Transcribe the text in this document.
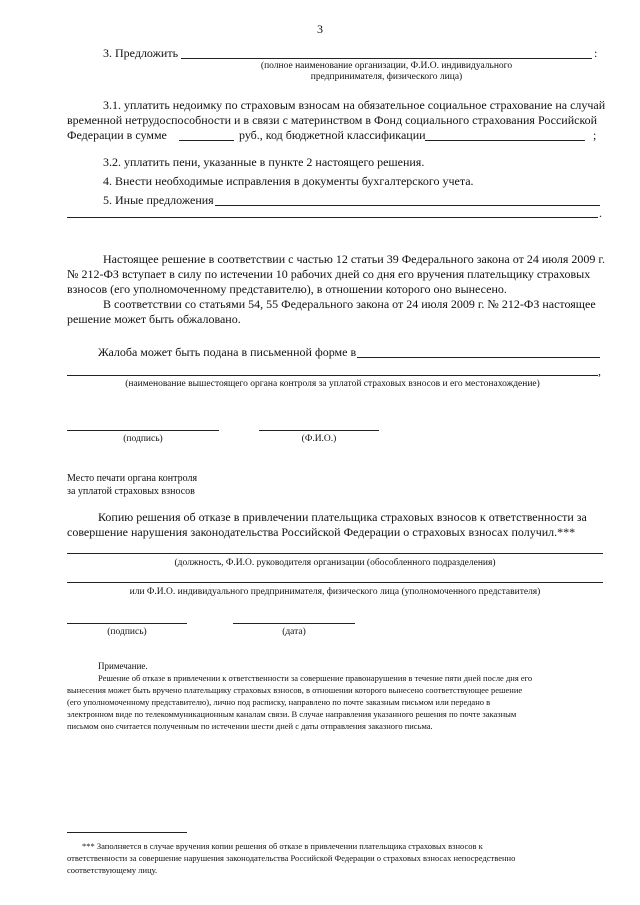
3
3. Предложить	:
(полное наименование организации, Ф.И.О. индивидуального
предпринимателя, физического лица)
3.1. уплатить недоимку по страховым взносам на обязательное социальное страхование на случай
временной нетрудоспособности и в связи с материнством в Фонд социального страхования Российской
Федерации в сумме	руб., код бюджетной классификации	;
3.2. уплатить пени, указанные в пункте 2 настоящего решения.
4. Внести необходимые исправления в документы бухгалтерского учета.
5. Иные предложения
.
Настоящее решение в соответствии с частью 12 статьи 39 Федерального закона от 24 июля 2009 г.
№ 212-ФЗ вступает в силу по истечении 10 рабочих дней со дня его вручения плательщику страховых
взносов (его уполномоченному представителю), в отношении которого оно вынесено.
В соответствии со статьями 54, 55 Федерального закона от 24 июля 2009 г. № 212-ФЗ настоящее
решение может быть обжаловано.
Жалоба может быть подана в письменной форме в
,
(наименование вышестоящего органа контроля за уплатой страховых взносов и его местонахождение)
(подпись)	(Ф.И.О.)
Место печати органа контроля
за уплатой страховых взносов
Копию решения об отказе в привлечении плательщика страховых взносов к ответственности за
совершение нарушения законодательства Российской Федерации о страховых взносах получил.***
(должность, Ф.И.О. руководителя организации (обособленного подразделения)
или Ф.И.О. индивидуального предпринимателя, физического лица (уполномоченного представителя)
(подпись)	(дата)
Примечание.
Решение об отказе в привлечении к ответственности за совершение правонарушения в течение пяти дней после дня его
вынесения может быть вручено плательщику страховых взносов, в отношении которого вынесено соответствующее решение
(его уполномоченному представителю), лично под расписку, направлено по почте заказным письмом или передано в
электронном виде по телекоммуникационным каналам связи. В случае направления указанного решения по почте заказным
письмом оно считается полученным по истечении шести дней с даты отправления заказного письма.
*** Заполняется в случае вручения копии решения об отказе в привлечении плательщика страховых взносов к
ответственности за совершение нарушения законодательства Российской Федерации о страховых взносах непосредственно
соответствующему лицу.
